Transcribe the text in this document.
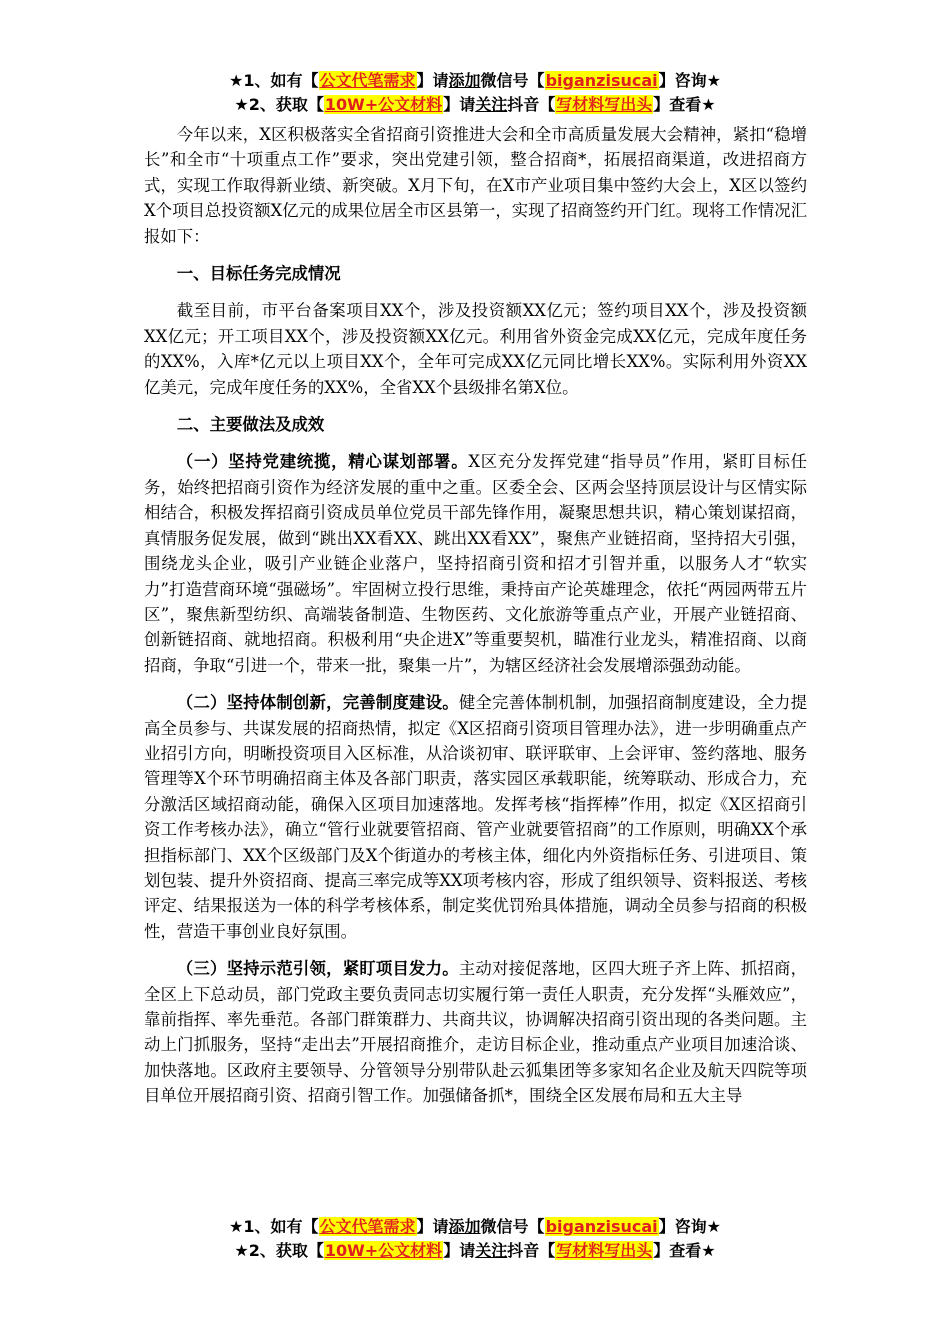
★1、如有【公文代笔需求】请添加微信号【biganzisucai】咨询★
★2、获取【10W+公文材料】请关注抖音【写材料写出头】查看★

今年以来，X区积极落实全省招商引资推进大会和全市高质量发展大会精神，紧扣“稳增长”和全市“十项重点工作”要求，突出党建引领，整合招商*，拓展招商渠道，改进招商方式，实现工作取得新业绩、新突破。X月下旬，在X市产业项目集中签约大会上，X区以签约X个项目总投资额X亿元的成果位居全市区县第一，实现了招商签约开门红。现将工作情况汇报如下：

一、目标任务完成情况

截至目前，市平台备案项目XX个，涉及投资额XX亿元；签约项目XX个，涉及投资额XX亿元；开工项目XX个，涉及投资额XX亿元。利用省外资金完成XX亿元，完成年度任务的XX%，入库*亿元以上项目XX个，全年可完成XX亿元同比增长XX%。实际利用外资XX亿美元，完成年度任务的XX%，全省XX个县级排名第X位。

二、主要做法及成效

（一）坚持党建统揽，精心谋划部署。X区充分发挥党建“指导员”作用，紧盯目标任务，始终把招商引资作为经济发展的重中之重。区委全会、区两会坚持顶层设计与区情实际相结合，积极发挥招商引资成员单位党员干部先锋作用，凝聚思想共识，精心策划谋招商，真情服务促发展，做到“跳出XX看XX、跳出XX看XX”，聚焦产业链招商，坚持招大引强，围绕龙头企业，吸引产业链企业落户，坚持招商引资和招才引智并重，以服务人才“软实力”打造营商环境“强磁场”。牢固树立投行思维，秉持亩产论英雄理念，依托“两园两带五片区”，聚焦新型纺织、高端装备制造、生物医药、文化旅游等重点产业，开展产业链招商、创新链招商、就地招商。积极利用“央企进X”等重要契机，瞄准行业龙头，精准招商、以商招商，争取“引进一个，带来一批，聚集一片”，为辖区经济社会发展增添强劲动能。

（二）坚持体制创新，完善制度建设。健全完善体制机制，加强招商制度建设，全力提高全员参与、共谋发展的招商热情，拟定《X区招商引资项目管理办法》，进一步明确重点产业招引方向，明晰投资项目入区标准，从洽谈初审、联评联审、上会评审、签约落地、服务管理等X个环节明确招商主体及各部门职责，落实园区承载职能，统筹联动、形成合力，充分激活区域招商动能，确保入区项目加速落地。发挥考核“指挥棒”作用，拟定《X区招商引资工作考核办法》，确立“管行业就要管招商、管产业就要管招商”的工作原则，明确XX个承担指标部门、XX个区级部门及X个街道办的考核主体，细化内外资指标任务、引进项目、策划包装、提升外资招商、提高三率完成等XX项考核内容，形成了组织领导、资料报送、考核评定、结果报送为一体的科学考核体系，制定奖优罚殆具体措施，调动全员参与招商的积极性，营造干事创业良好氛围。

（三）坚持示范引领，紧盯项目发力。主动对接促落地，区四大班子齐上阵、抓招商，全区上下总动员，部门党政主要负责同志切实履行第一责任人职责，充分发挥“头雁效应”，靠前指挥、率先垂范。各部门群策群力、共商共议，协调解决招商引资出现的各类问题。主动上门抓服务，坚持“走出去”开展招商推介，走访目标企业，推动重点产业项目加速洽谈、加快落地。区政府主要领导、分管领导分别带队赴云狐集团等多家知名企业及航天四院等项目单位开展招商引资、招商引智工作。加强储备抓*，围绕全区发展布局和五大主导

★1、如有【公文代笔需求】请添加微信号【biganzisucai】咨询★
★2、获取【10W+公文材料】请关注抖音【写材料写出头】查看★
